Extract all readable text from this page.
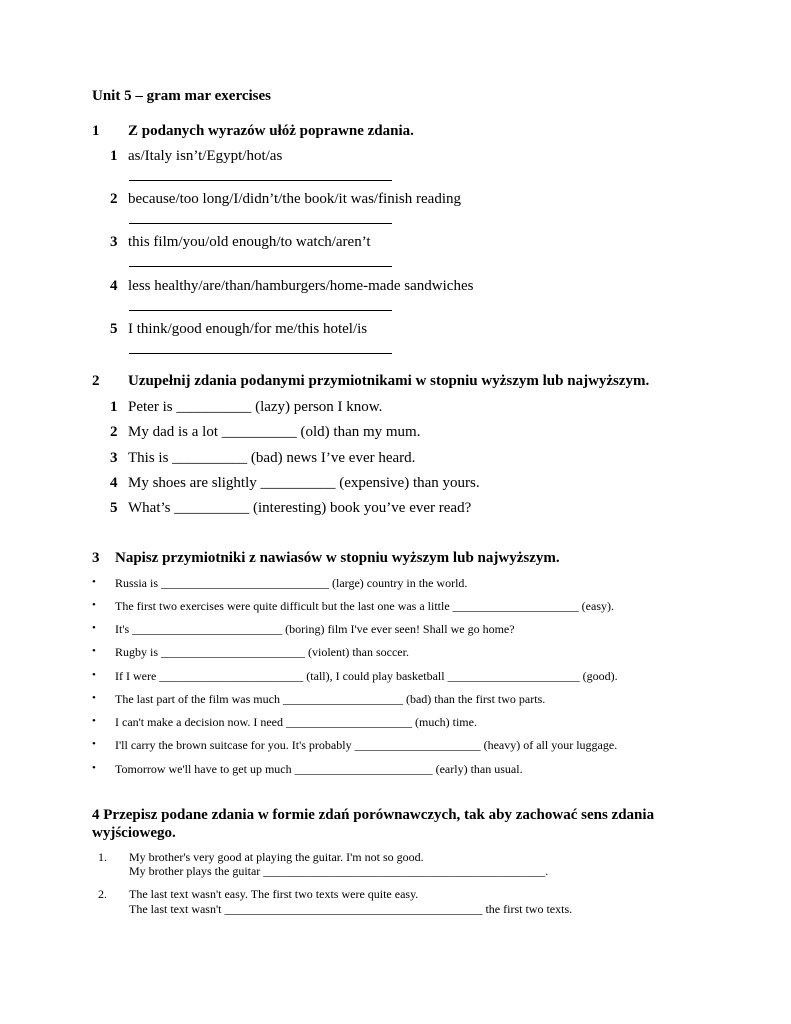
Unit 5 – gram mar exercises
1 Z podanych wyrazów ułóż poprawne zdania.
1 as/Italy isn’t/Egypt/hot/as
2 because/too long/I/didn’t/the book/it was/finish reading
3 this film/you/old enough/to watch/aren’t
4 less healthy/are/than/hamburgers/home-made sandwiches
5 I think/good enough/for me/this hotel/is
2 Uzupełnij zdania podanymi przymiotnikami w stopniu wyższym lub najwyższym.
1 Peter is __________ (lazy) person I know.
2 My dad is a lot __________ (old) than my mum.
3 This is __________ (bad) news I’ve ever heard.
4 My shoes are slightly __________ (expensive) than yours.
5 What’s __________ (interesting) book you’ve ever read?
3 Napisz przymiotniki z nawiasów w stopniu wyższym lub najwyższym.
• Russia is ____________________________ (large) country in the world.
• The first two exercises were quite difficult but the last one was a little _____________________ (easy).
• It's _________________________ (boring) film I've ever seen! Shall we go home?
• Rugby is ________________________ (violent) than soccer.
• If I were ________________________ (tall), I could play basketball ______________________ (good).
• The last part of the film was much ____________________ (bad) than the first two parts.
• I can't make a decision now. I need _____________________ (much) time.
• I'll carry the brown suitcase for you. It's probably _____________________ (heavy) of all your luggage.
• Tomorrow we'll have to get up much _______________________ (early) than usual.
4 Przepisz podane zdania w formie zdań porównawczych, tak aby zachować sens zdania wyjściowego.
1. My brother's very good at playing the guitar. I'm not so good.
My brother plays the guitar _______________________________________________.
2. The last text wasn't easy. The first two texts were quite easy.
The last text wasn't ___________________________________________ the first two texts.
